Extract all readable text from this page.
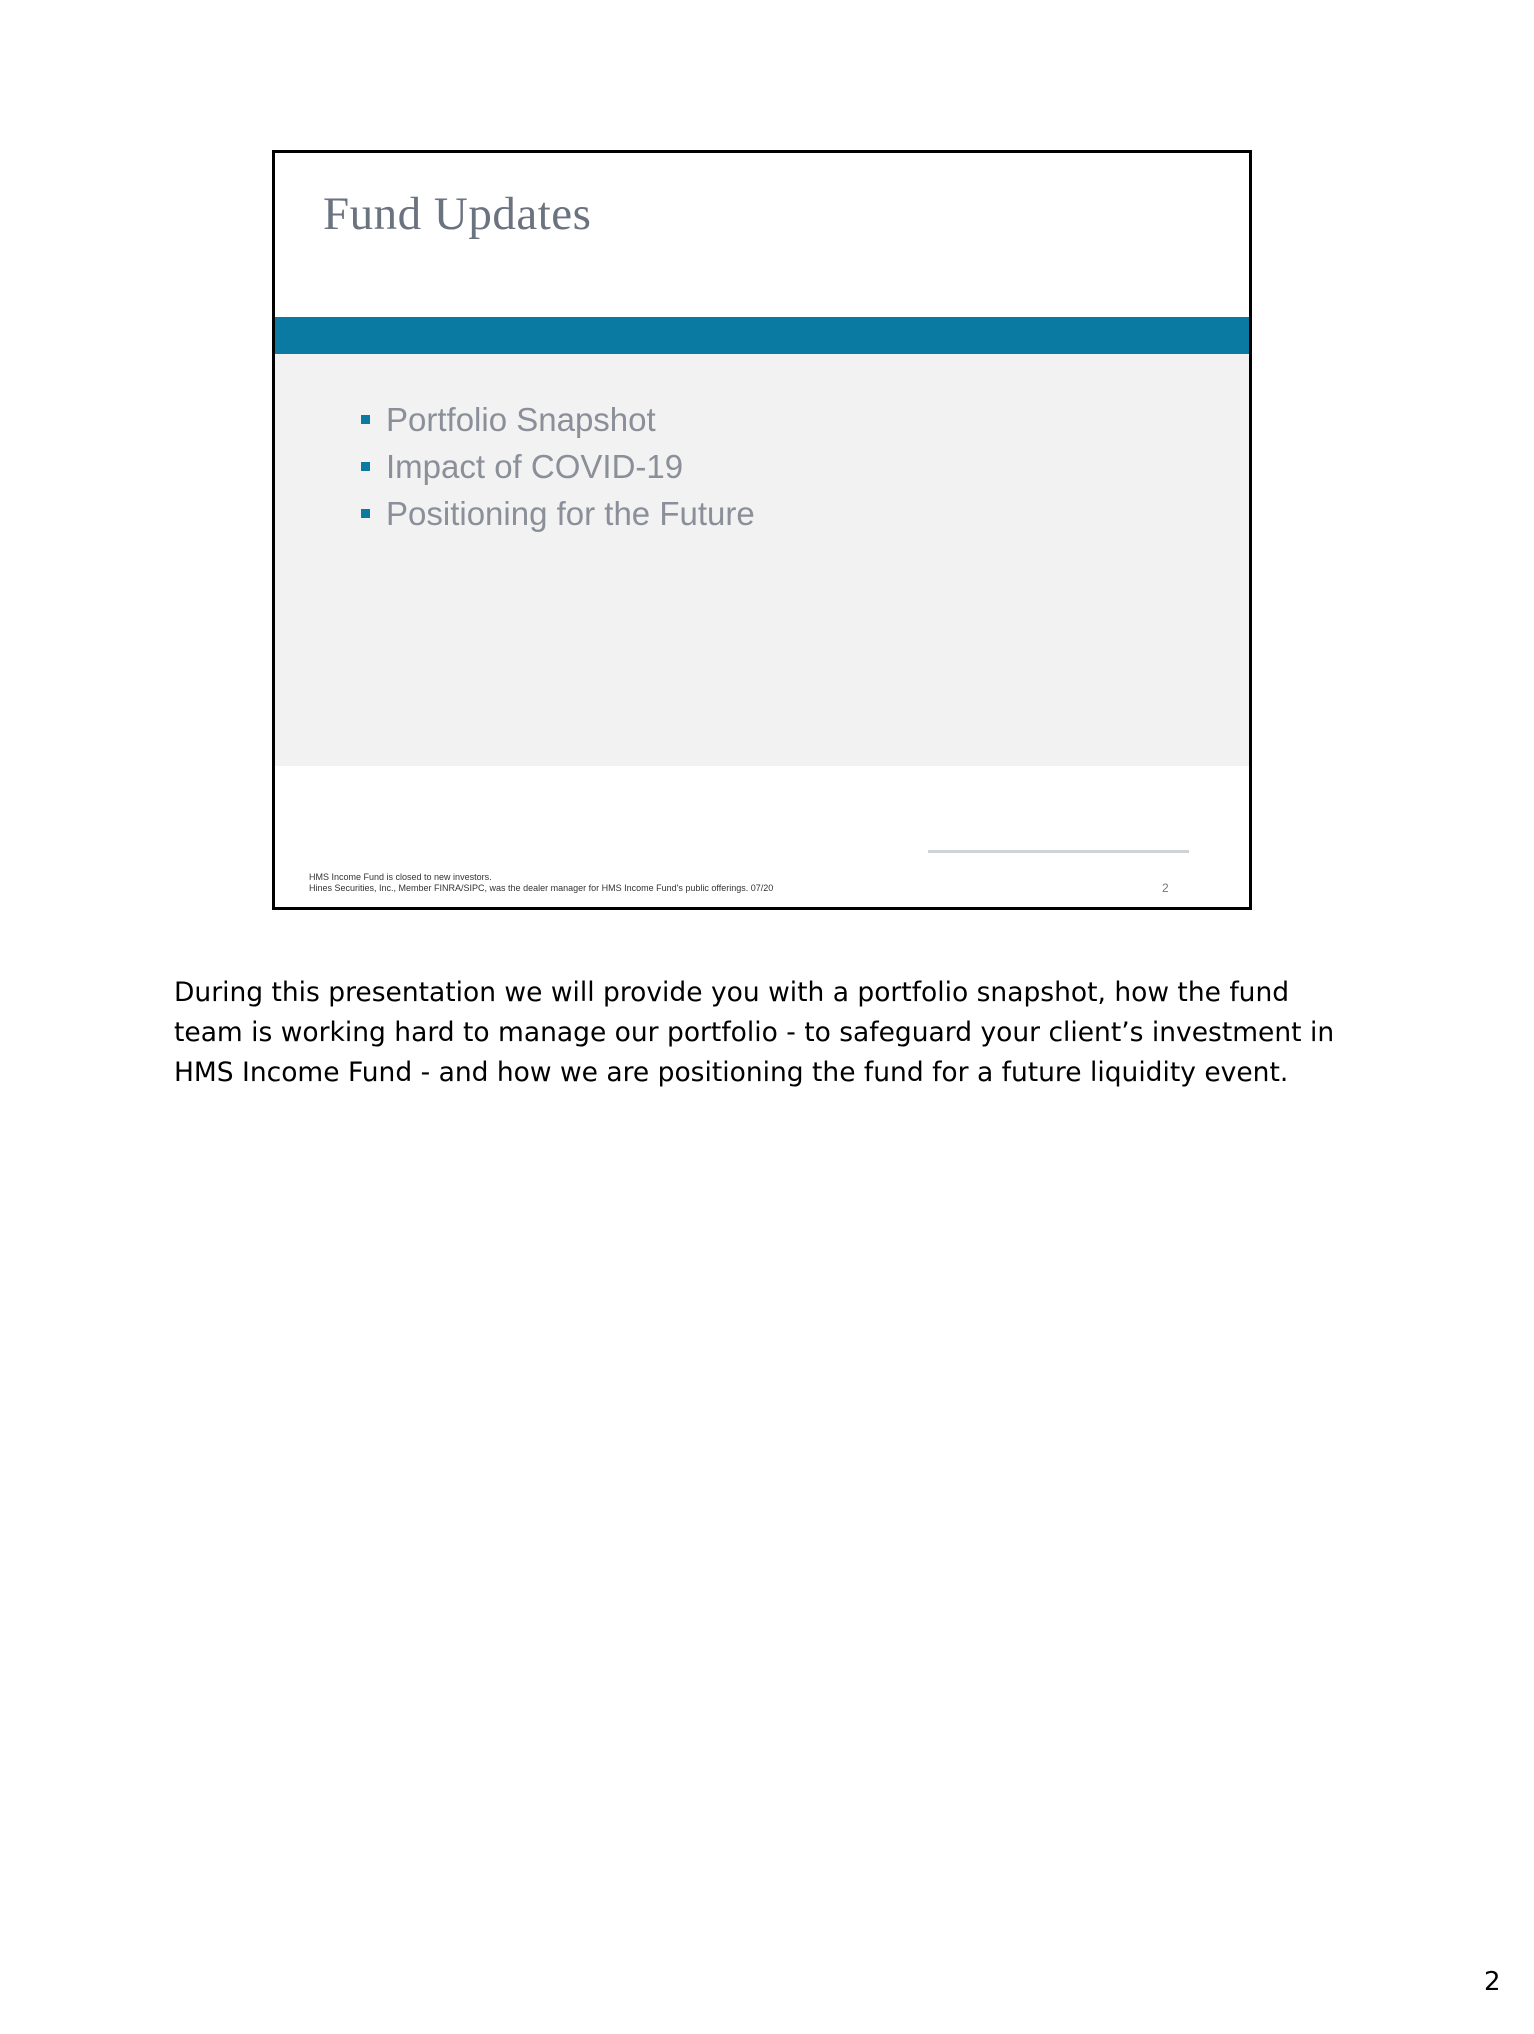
Fund Updates
Portfolio Snapshot
Impact of COVID-19
Positioning for the Future
HMS Income Fund is closed to new investors.
Hines Securities, Inc., Member FINRA/SIPC, was the dealer manager for HMS Income Fund's public offerings. 07/20	2

During this presentation we will provide you with a portfolio snapshot, how the fund
team is working hard to manage our portfolio - to safeguard your client’s investment in
HMS Income Fund - and how we are positioning the fund for a future liquidity event.

2
